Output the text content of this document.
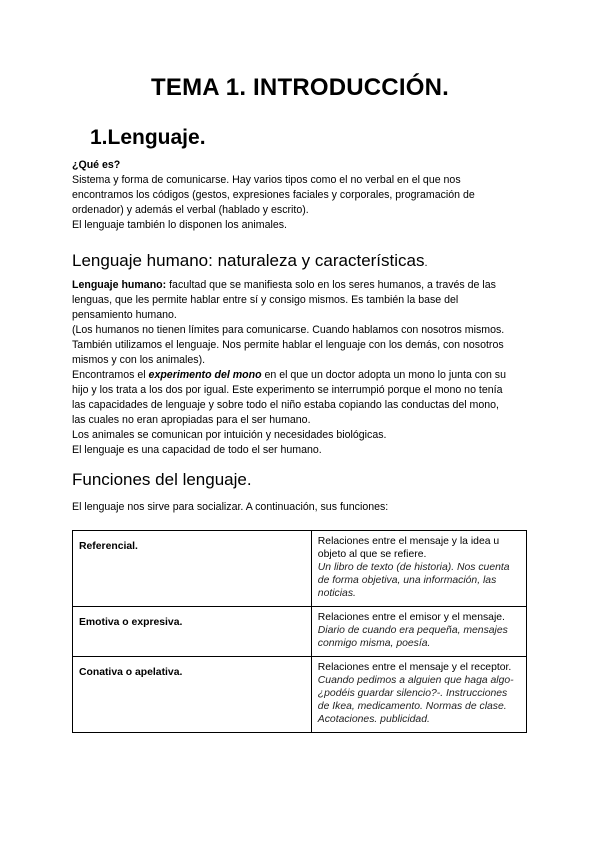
TEMA 1. INTRODUCCIÓN.
1.Lenguaje.

¿Qué es?

Sistema y forma de comunicarse. Hay varios tipos como el no verbal en el que nos

encontramos los códigos (gestos, expresiones faciales y corporales, programación de

ordenador) y además el verbal (hablado y escrito).

El lenguaje también lo disponen los animales.

Lenguaje humano: naturaleza y características.

Lenguaje humano: facultad que se manifiesta solo en los seres humanos, a través de las

lenguas, que les permite hablar entre sí y consigo mismos. Es también la base del

pensamiento humano.

(Los humanos no tienen límites para comunicarse. Cuando hablamos con nosotros mismos.

También utilizamos el lenguaje. Nos permite hablar el lenguaje con los demás, con nosotros

mismos y con los animales).

Encontramos el experimento del mono en el que un doctor adopta un mono lo junta con su

hijo y los trata a los dos por igual. Este experimento se interrumpió porque el mono no tenía

las capacidades de lenguaje y sobre todo el niño estaba copiando las conductas del mono,

las cuales no eran apropiadas para el ser humano.

Los animales se comunican por intuición y necesidades biológicas.

El lenguaje es una capacidad de todo el ser humano.

Funciones del lenguaje.

El lenguaje nos sirve para socializar. A continuación, sus funciones:

Referencial.	Relaciones entre el mensaje y la idea u objeto al que se refiere.
Un libro de texto (de historia). Nos cuenta de forma objetiva, una información, las noticias.

Emotiva o expresiva.	Relaciones entre el emisor y el mensaje.
Diario de cuando era pequeña, mensajes conmigo misma, poesía.

Conativa o apelativa.	Relaciones entre el mensaje y el receptor.
Cuando pedimos a alguien que haga algo-¿podéis guardar silencio?-. Instrucciones de Ikea, medicamento. Normas de clase. Acotaciones. publicidad.
